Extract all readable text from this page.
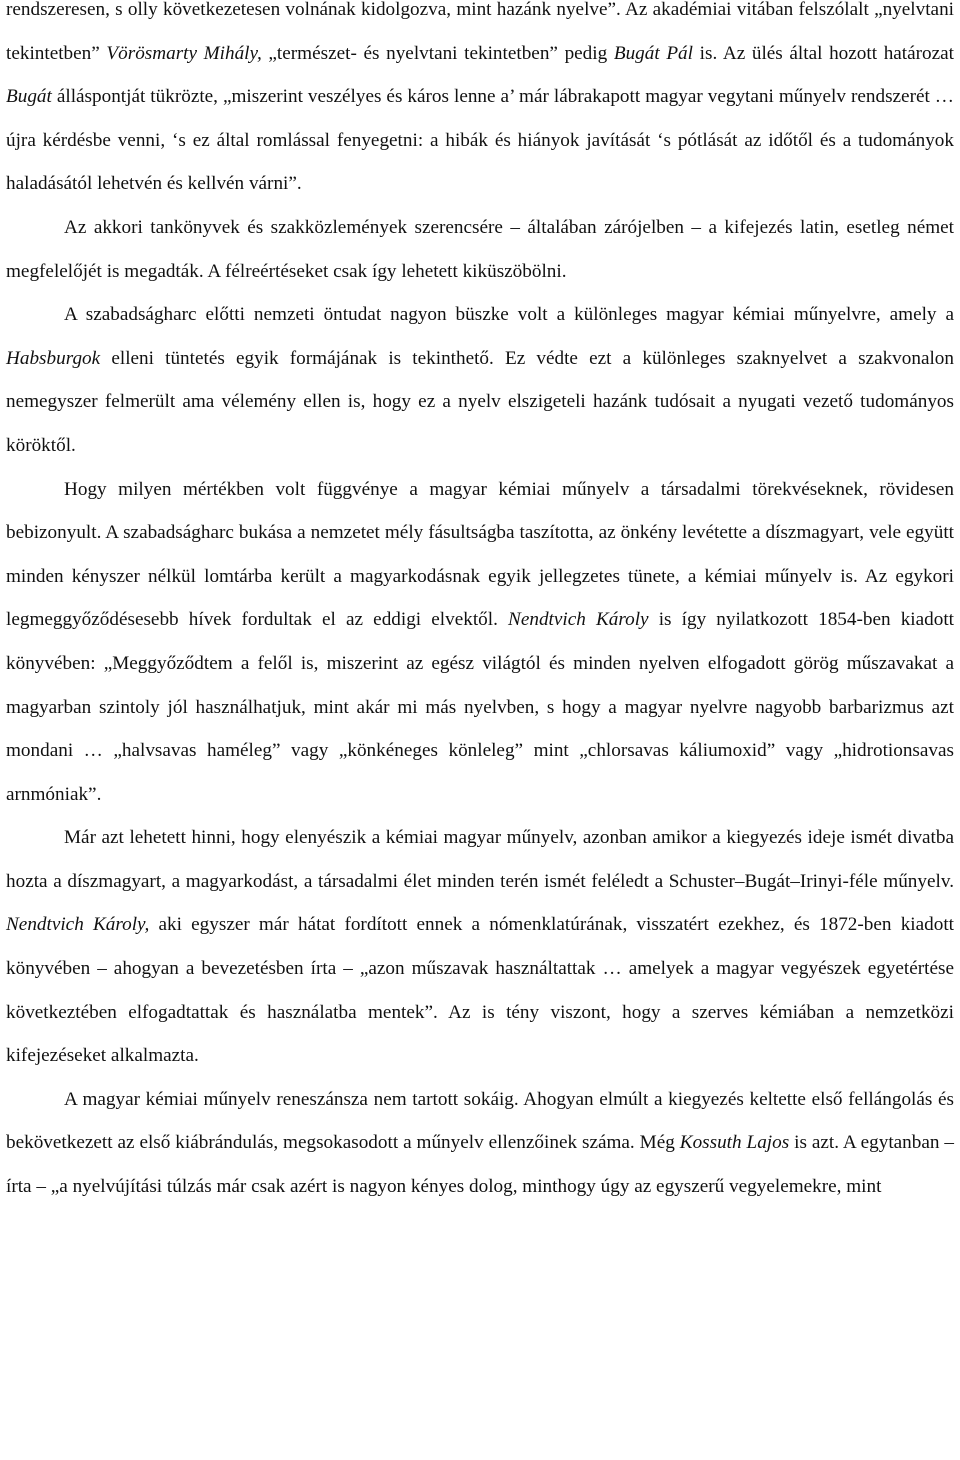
rendszeresen, s olly következetesen volnának kidolgozva, mint hazánk nyelve”. Az akadémiai vitában felszólalt „nyelvtani tekintetben” Vörösmarty Mihály, „természet- és nyelvtani tekintetben” pedig Bugát Pál is. Az ülés által hozott határozat Bugát álláspontját tükrözte, „miszerint veszélyes és káros lenne a’ már lábrakapott magyar vegytani műnyelv rendszerét … újra kérdésbe venni, ‘s ez által romlással fenyegetni: a hibák és hiányok javítását ‘s pótlását az időtől és a tudományok haladásától lehetvén és kellvén várni”.

Az akkori tankönyvek és szakközlemények szerencsére – általában zárójelben – a kifejezés latin, esetleg német megfelelőjét is megadták. A félreértéseket csak így lehetett kiküszöbölni.

A szabadságharc előtti nemzeti öntudat nagyon büszke volt a különleges magyar kémiai műnyelvre, amely a Habsburgok elleni tüntetés egyik formájának is tekinthető. Ez védte ezt a különleges szaknyelvet a szakvonalon nemegyszer felmerült ama vélemény ellen is, hogy ez a nyelv elszigeteli hazánk tudósait a nyugati vezető tudományos köröktől.

Hogy milyen mértékben volt függvénye a magyar kémiai műnyelv a társadalmi törekvéseknek, rövidesen bebizonyult. A szabadságharc bukása a nemzetet mély fásultságba taszította, az önkény levétette a díszmagyart, vele együtt minden kényszer nélkül lomtárba került a magyarkodásnak egyik jellegzetes tünete, a kémiai műnyelv is. Az egykori legmeggyőződésesebb hívek fordultak el az eddigi elvektől. Nendtvich Károly is így nyilatkozott 1854-ben kiadott könyvében: „Meggyőződtem a felől is, miszerint az egész világtól és minden nyelven elfogadott görög műszavakat a magyarban szintoly jól használhatjuk, mint akár mi más nyelvben, s hogy a magyar nyelvre nagyobb barbarizmus azt mondani … „halvsavas haméleg” vagy „könkéneges könleleg” mint „chlorsavas káliumoxid” vagy „hidrotionsavas arnmóniak”.

Már azt lehetett hinni, hogy elenyészik a kémiai magyar műnyelv, azonban amikor a kiegyezés ideje ismét divatba hozta a díszmagyart, a magyarkodást, a társadalmi élet minden terén ismét feléledt a Schuster–Bugát–Irinyi-féle műnyelv. Nendtvich Károly, aki egyszer már hátat fordított ennek a nómenklatúrának, visszatért ezekhez, és 1872-ben kiadott könyvében – ahogyan a bevezetésben írta – „azon műszavak használtattak … amelyek a magyar vegyészek egyetértése következtében elfogadtattak és használatba mentek”. Az is tény viszont, hogy a szerves kémiában a nemzetközi kifejezéseket alkalmazta.

A magyar kémiai műnyelv reneszánsza nem tartott sokáig. Ahogyan elmúlt a kiegyezés keltette első fellángolás és bekövetkezett az első kiábrándulás, megsokasodott a műnyelv ellenzőinek száma. Még Kossuth Lajos is azt. A egytanban – írta – „a nyelvújítási túlzás már csak azért is nagyon kényes dolog, minthogy úgy az egyszerű vegyelemekre, mint
